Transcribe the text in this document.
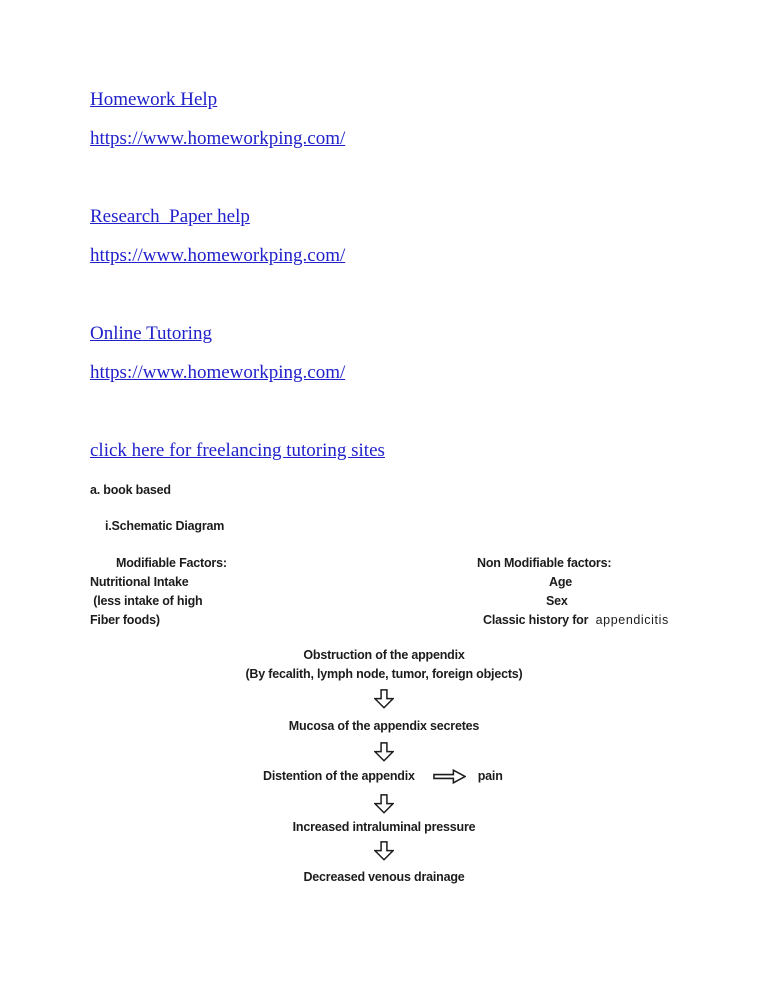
Homework Help
https://www.homeworkping.com/
Research  Paper help
https://www.homeworkping.com/
Online Tutoring
https://www.homeworkping.com/
click here for freelancing tutoring sites
a. book based
i.Schematic Diagram
Modifiable Factors:
Nutritional Intake
(less intake of high
Fiber foods)
Non Modifiable factors:
Age
Sex
Classic history for  appendicitis
Obstruction of the appendix
(By fecalith, lymph node, tumor, foreign objects)
Mucosa of the appendix secretes
Distention of the appendix	pain
Increased intraluminal pressure
Decreased venous drainage
